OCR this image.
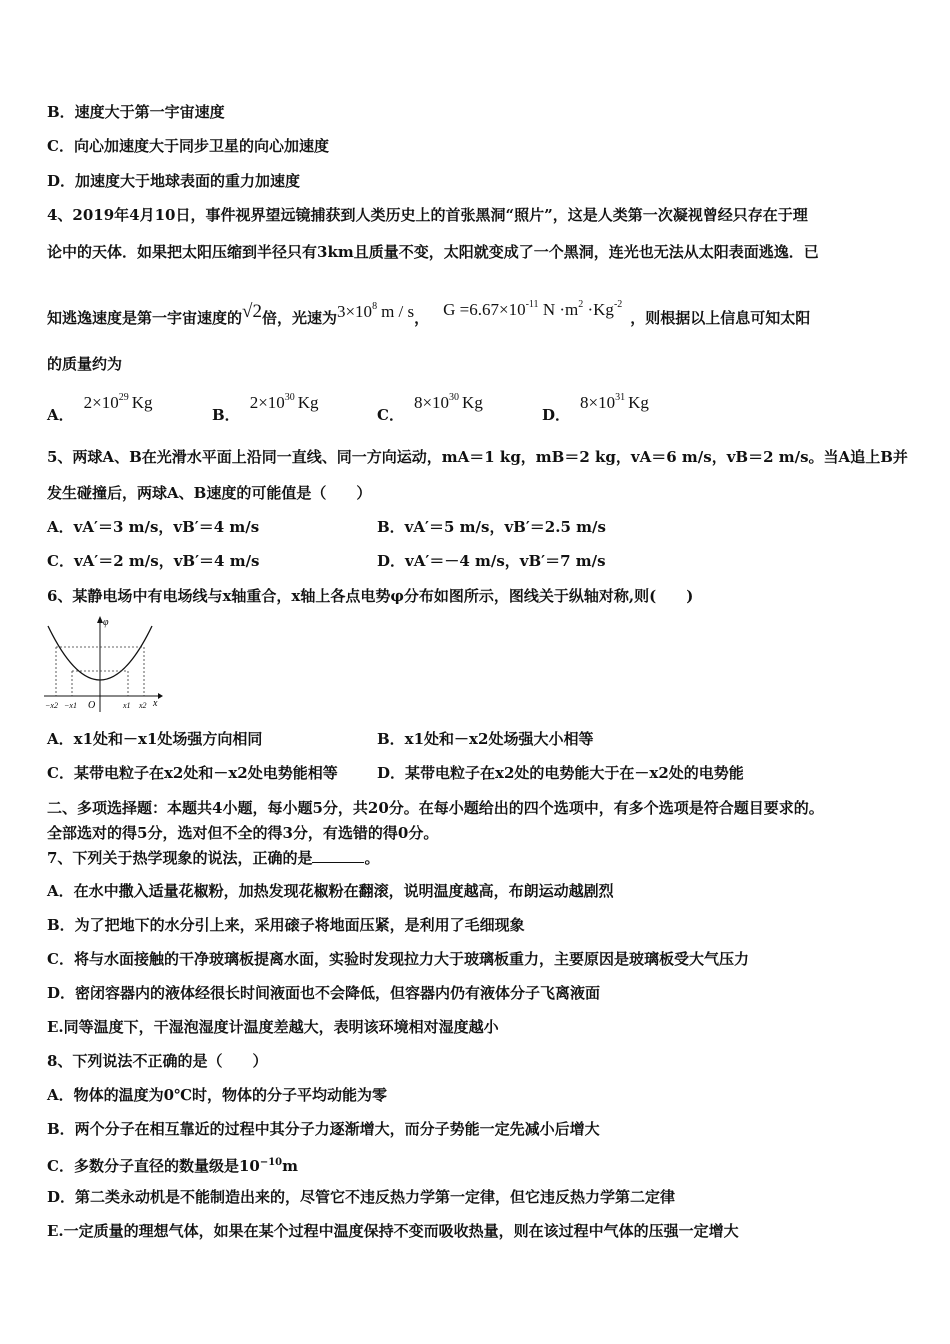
B．速度大于第一宇宙速度
C．向心加速度大于同步卫星的向心加速度
D．加速度大于地球表面的重力加速度
4、2019年4月10日，事件视界望远镜捕获到人类历史上的首张黑洞“照片”，这是人类第一次凝视曾经只存在于理
论中的天体．如果把太阳压缩到半径只有3km且质量不变，太阳就变成了一个黑洞，连光也无法从太阳表面逃逸．已
知逃逸速度是第一宇宙速度的√2倍，光速为$3\times 10^8$ m / s， $G =6.67\times 10^{-11}$ $N \cdot m^2 \cdot Kg^{-2}$，则根据以上信息可知太阳
的质量约为
A．$2\times 10^{29}$ Kg
B．$2\times 10^{30}$ Kg
C．$8\times 10^{30}$ Kg
D．$8\times 10^{31}$ Kg
5、两球A、B在光滑水平面上沿同一直线、同一方向运动，mA＝1 kg，mB＝2 kg，vA＝6 m/s，vB＝2 m/s。当A追上B并
发生碰撞后，两球A、B速度的可能值是（　　）
A．vA′＝3 m/s，vB′＝4 m/s	B．vA′＝5 m/s，vB′＝2.5 m/s
C．vA′＝2 m/s，vB′＝4 m/s	D．vA′＝－4 m/s，vB′＝7 m/s
6、某静电场中有电场线与x轴重合，x轴上各点电势φ分布如图所示，图线关于纵轴对称,则(　　)
φ
x
O
−x2 −x1	x1 x2
A．x1处和－x1处场强方向相同	B．x1处和－x2处场强大小相等
C．某带电粒子在x2处和－x2处电势能相等	D．某带电粒子在x2处的电势能大于在－x2处的电势能
二、多项选择题：本题共4小题，每小题5分，共20分。在每小题给出的四个选项中，有多个选项是符合题目要求的。
全部选对的得5分，选对但不全的得3分，有选错的得0分。
7、下列关于热学现象的说法，正确的是	。
A．在水中撒入适量花椒粉，加热发现花椒粉在翻滚，说明温度越高，布朗运动越剧烈
B．为了把地下的水分引上来，采用磙子将地面压紧，是利用了毛细现象
C．将与水面接触的干净玻璃板提离水面，实验时发现拉力大于玻璃板重力，主要原因是玻璃板受大气压力
D．密闭容器内的液体经很长时间液面也不会降低，但容器内仍有液体分子飞离液面
E.同等温度下，干湿泡湿度计温度差越大，表明该环境相对湿度越小
8、下列说法不正确的是（　　）
A．物体的温度为0℃时，物体的分子平均动能为零
B．两个分子在相互靠近的过程中其分子力逐渐增大，而分子势能一定先减小后增大
C．多数分子直径的数量级是$10^{-10}m$
D．第二类永动机是不能制造出来的，尽管它不违反热力学第一定律，但它违反热力学第二定律
E.一定质量的理想气体，如果在某个过程中温度保持不变而吸收热量，则在该过程中气体的压强一定增大
